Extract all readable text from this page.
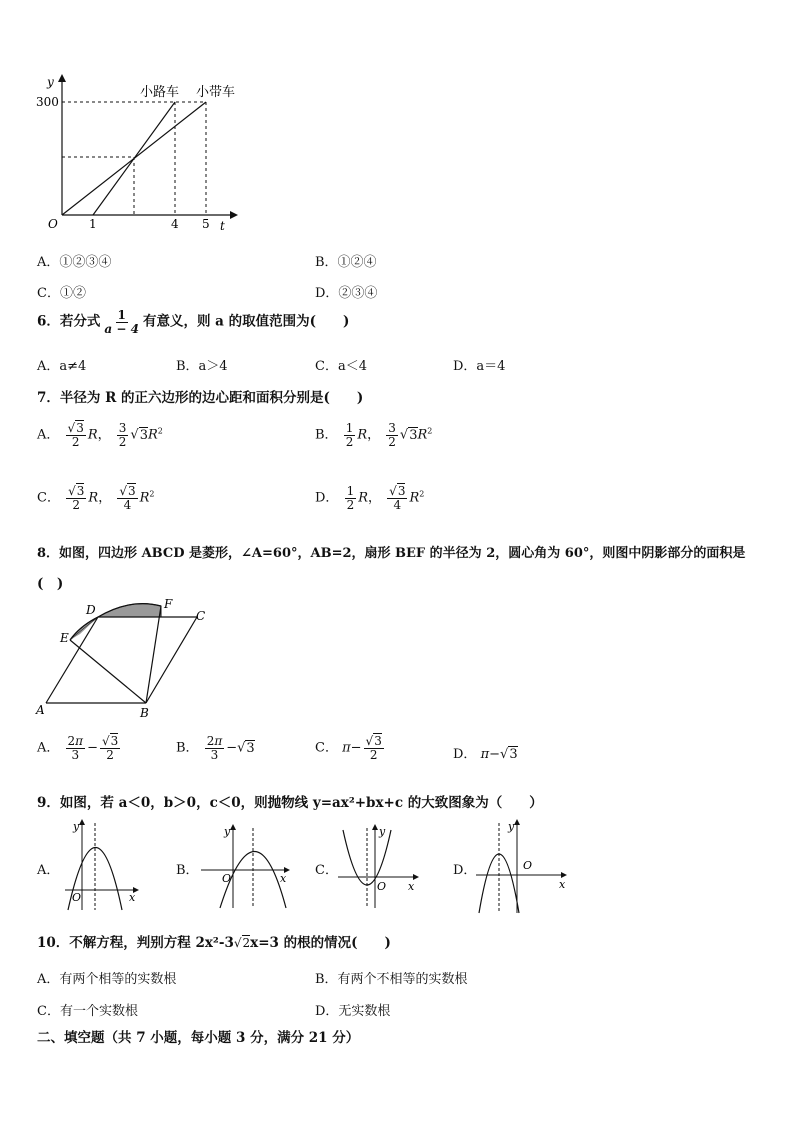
y
t
O
300
1	4 5
小路车 小带车
A．①②③④	B．①②④
C．①②	D．②③④
6．若分式 $\frac{1}{a - 4}$ 有意义，则 a 的取值范围为(　　)
A．a≠4	B．a＞4	C．a＜4	D．a＝4
7．半径为 R 的正六边形的边心距和面积分别是(　　)
A． $\frac{√3}{2}$ R， $\frac{3}{2} √3R^2$	B． $\frac{1}{2}$ R， $\frac{3}{2} √3R^2$
C． $\frac{√3}{2}$ R， $\frac{√3}{4} R^2$	D． $\frac{1}{2}$ R， $\frac{√3}{4} R^2$
8．如图，四边形 ABCD 是菱形，∠A=60°，AB=2，扇形 BEF 的半径为 2，圆心角为 60°，则图中阴影部分的面积是
(　)
A	B
C
D
E
F
A． $\frac{2\pi}{3} - \frac{√3}{2}$	B． $\frac{2\pi}{3} -√3$	C． $\pi- \frac{√3}{2}$	D． π−√3
9．如图，若 a＜0，b＞0，c＜0，则抛物线 y=ax²+bx+c 的大致图象为（　　）
A．
y
x
O
B．
y
x
O
C．
y
x
O
D．
y
x
O
10．不解方程，判别方程 2x²-3√2x=3 的根的情况(　　)
A．有两个相等的实数根	B．有两个不相等的实数根
C．有一个实数根	D．无实数根
二、填空题（共 7 小题，每小题 3 分，满分 21 分）
